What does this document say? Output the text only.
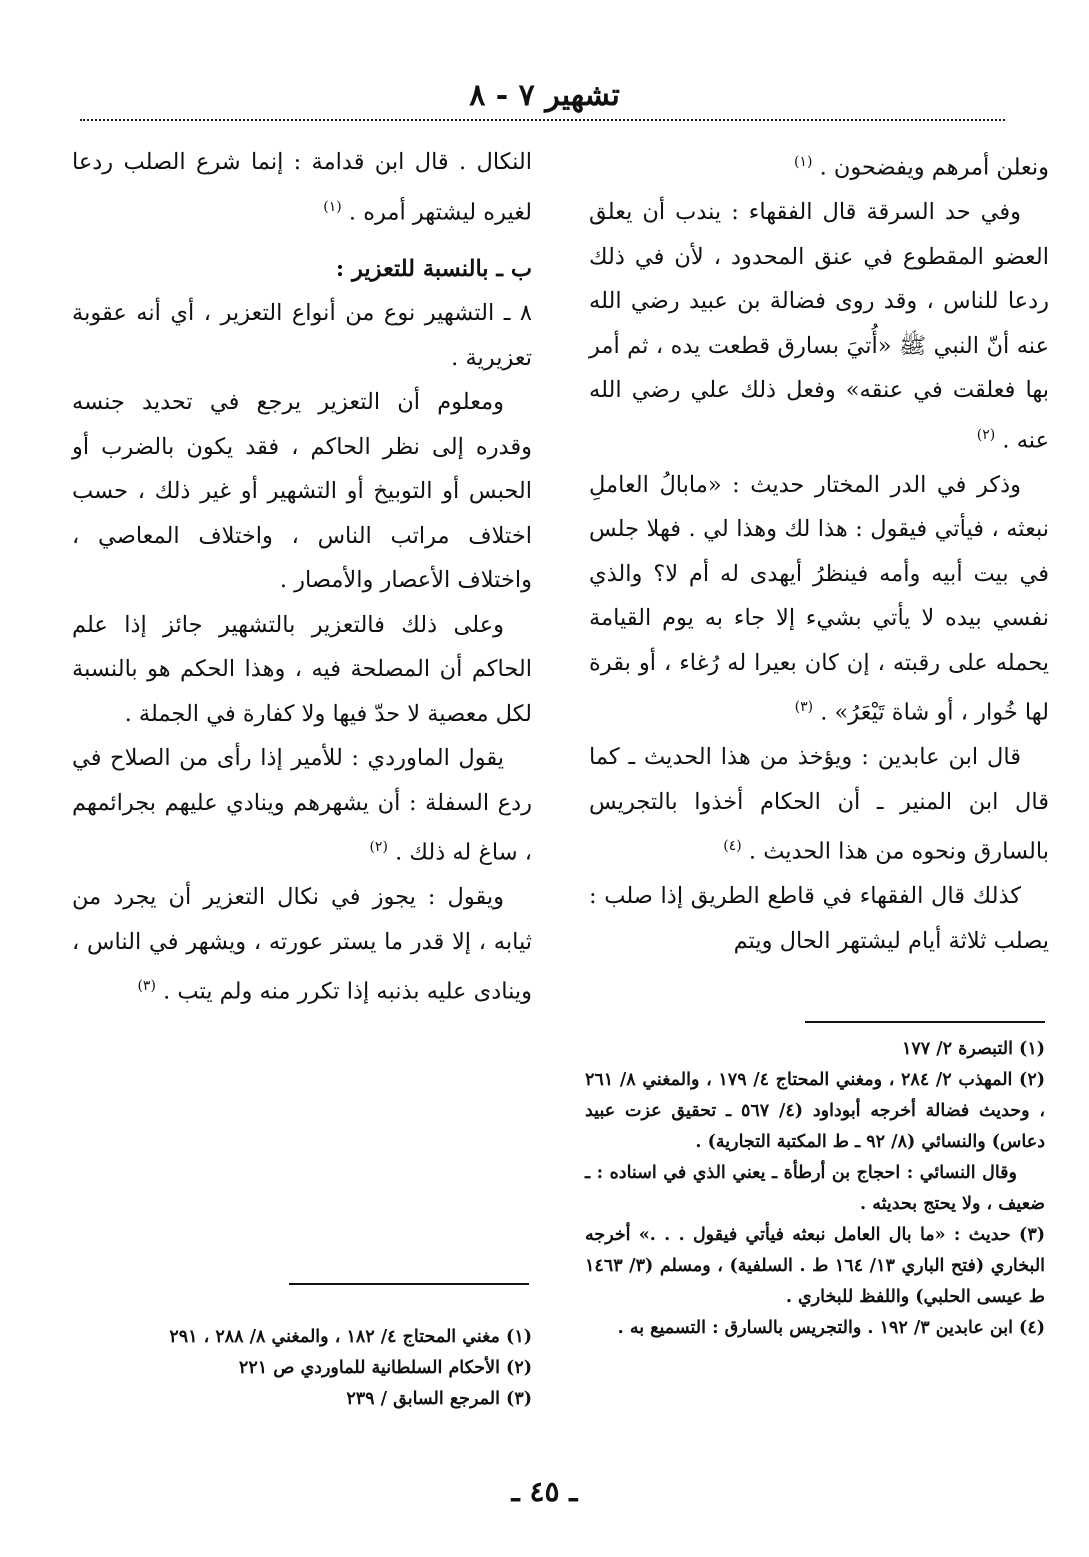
تشهير ٧ - ٨

ونعلن أمرهم ويفضحون . $^{(١)}$

وفي حد السرقة قال الفقهاء : يندب أن يعلق العضو المقطوع في عنق المحدود ، لأن في ذلك ردعا للناس ، وقد روى فضالة بن عبيد رضي الله عنه أنّ النبي ﷺ «أُتيَ بسارق قطعت يده ، ثم أمر بها فعلقت في عنقه» وفعل ذلك علي رضي الله عنه . $^{(٢)}$

وذكر في الدر المختار حديث : «مابالُ العاملِ نبعثه ، فيأتي فيقول : هذا لك وهذا لي . فهلا جلس في بيت أبيه وأمه فينظرُ أيهدى له أم لا؟ والذي نفسي بيده لا يأتي بشيء إلا جاء به يوم القيامة يحمله على رقبته ، إن كان بعيرا له رُغاء ، أو بقرة لها خُوار ، أو شاة تَيْعَرُ» . $^{(٣)}$

قال ابن عابدين : ويؤخذ من هذا الحديث ـ كما قال ابن المنير ـ أن الحكام أخذوا بالتجريس بالسارق ونحوه من هذا الحديث . $^{(٤)}$

كذلك قال الفقهاء في قاطع الطريق إذا صلب : يصلب ثلاثة أيام ليشتهر الحال ويتم

(١) التبصرة ٢/ ١٧٧

(٢) المهذب ٢/ ٢٨٤ ، ومغني المحتاج ٤/ ١٧٩ ، والمغني ٨/ ٢٦١ ، وحديث فضالة أخرجه أبوداود (٤/ ٥٦٧ ـ تحقيق عزت عبيد دعاس) والنسائي (٨/ ٩٢ ـ ط المكتبة التجارية) .

وقال النسائي : احجاج بن أرطأة ـ يعني الذي في اسناده : ـ ضعيف ، ولا يحتج بحديثه .

(٣) حديث : «ما بال العامل نبعثه فيأتي فيقول . . .» أخرجه البخاري (فتح الباري ١٣/ ١٦٤ ط . السلفية) ، ومسلم (٣/ ١٤٦٣ ط عيسى الحلبي) واللفظ للبخاري .

(٤) ابن عابدين ٣/ ١٩٢ . والتجريس بالسارق : التسميع به .

النكال . قال ابن قدامة : إنما شرع الصلب ردعا لغيره ليشتهر أمره . $^{(١)}$

ب ـ بالنسبة للتعزير :

٨ ـ التشهير نوع من أنواع التعزير ، أي أنه عقوبة تعزيرية .

ومعلوم أن التعزير يرجع في تحديد جنسه وقدره إلى نظر الحاكم ، فقد يكون بالضرب أو الحبس أو التوبيخ أو التشهير أو غير ذلك ، حسب اختلاف مراتب الناس ، واختلاف المعاصي ، واختلاف الأعصار والأمصار .

وعلى ذلك فالتعزير بالتشهير جائز إذا علم الحاكم أن المصلحة فيه ، وهذا الحكم هو بالنسبة لكل معصية لا حدّ فيها ولا كفارة في الجملة .

يقول الماوردي : للأمير إذا رأى من الصلاح في ردع السفلة : أن يشهرهم وينادي عليهم بجرائمهم ، ساغ له ذلك . $^{(٢)}$

ويقول : يجوز في نكال التعزير أن يجرد من ثيابه ، إلا قدر ما يستر عورته ، ويشهر في الناس ، وينادى عليه بذنبه إذا تكرر منه ولم يتب . $^{(٣)}$

(١) مغني المحتاج ٤/ ١٨٢ ، والمغني ٨/ ٢٨٨ ، ٢٩١

(٢) الأحكام السلطانية للماوردي ص ٢٢١

(٣) المرجع السابق / ٢٣٩

ـ ٤٥ ـ
